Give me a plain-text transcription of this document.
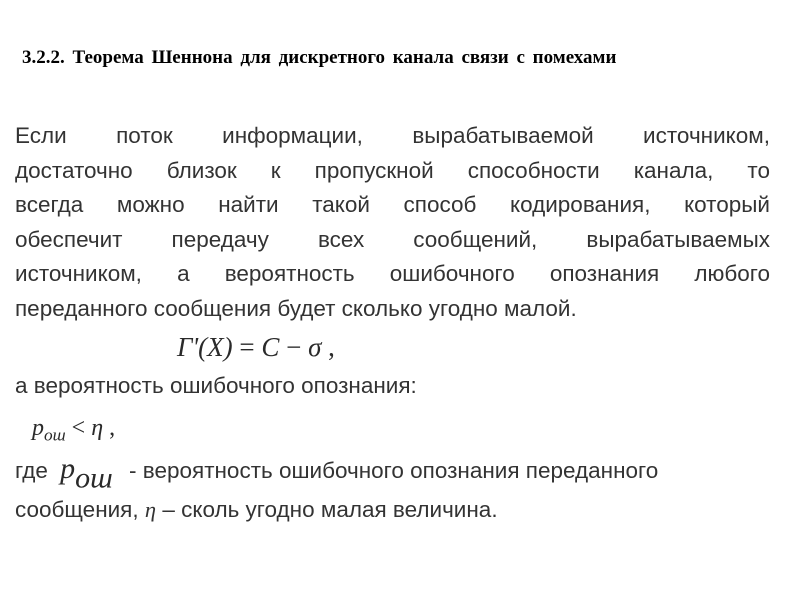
3.2.2. Теорема Шеннона для дискретного канала связи с помехами
Если поток информации, вырабатываемой источником,
достаточно близок к пропускной способности канала, то
всегда можно найти такой способ кодирования, который
обеспечит передачу всех сообщений, вырабатываемых
источником, а вероятность ошибочного опознания любого
переданного сообщения будет сколько угодно малой.
Γ'(X) = C − σ ,
а вероятность ошибочного опознания:
$p_{ош} < \eta$ ,
где pош - вероятность ошибочного опознания переданного
сообщения, η – сколь угодно малая величина.
